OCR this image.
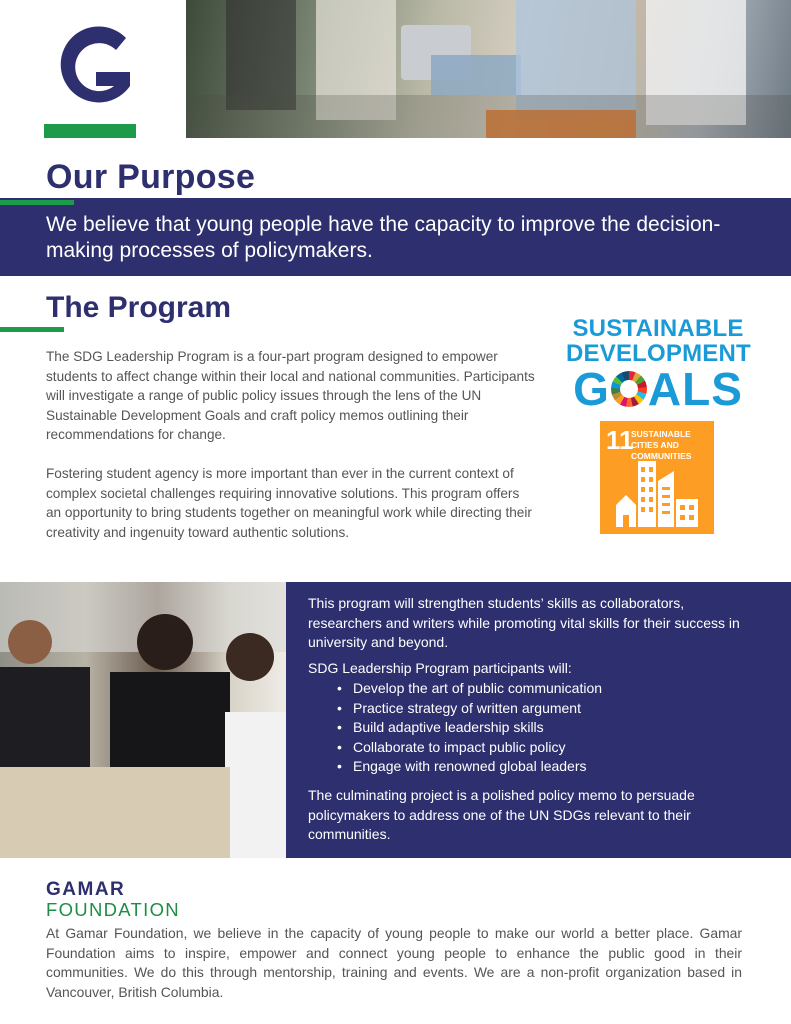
Our Purpose
We believe that young people have the capacity to improve the decision-making processes of policymakers.
The Program
The SDG Leadership Program is a four-part program designed to empower students to affect change within their local and national communities. Participants will investigate a range of public policy issues through the lens of the UN Sustainable Development Goals and craft policy memos outlining their recommendations for change.
Fostering student agency is more important than ever in the current context of complex societal challenges requiring innovative solutions. This program offers an opportunity to bring students together on meaningful work while directing their creativity and ingenuity toward authentic solutions.
SUSTAINABLE
DEVELOPMENT
G ALS
11
SUSTAINABLE CITIES AND COMMUNITIES
This program will strengthen students’ skills as collaborators, researchers and writers while promoting vital skills for their success in university and beyond.
SDG Leadership Program participants will:
• Develop the art of public communication
• Practice strategy of written argument
• Build adaptive leadership skills
• Collaborate to impact public policy
• Engage with renowned global leaders
The culminating project is a polished policy memo to persuade policymakers to address one of the UN SDGs relevant to their communities.
GAMAR
FOUNDATION
At Gamar Foundation, we believe in the capacity of young people to make our world a better place. Gamar Foundation aims to inspire, empower and connect young people to enhance the public good in their communities. We do this through mentorship, training and events. We are a non-profit organization based in Vancouver, British Columbia.
